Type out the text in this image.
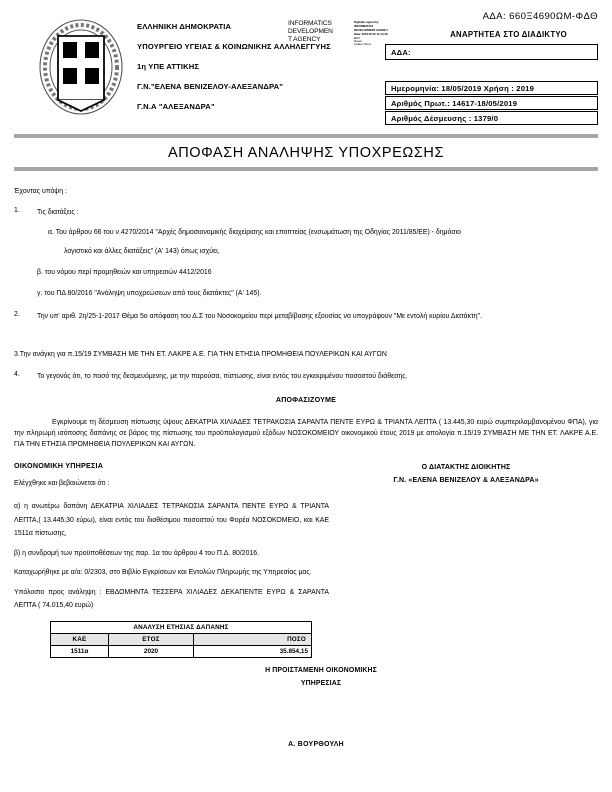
ΕΛΛΗΝΙΚΗ ΔΗΜΟΚΡΑΤΙΑ
ΥΠΟΥΡΓΕΙΟ ΥΓΕΙΑΣ & ΚΟΙΝΩΝΙΚΗΣ ΑΛΛΗΛΕΓΓΥΗΣ
1η ΥΠΕ ΑΤΤΙΚΗΣ
Γ.Ν."ΕΛΕΝΑ ΒΕΝΙΖΕΛΟΥ-ΑΛΕΞΑΝΔΡΑ"
Γ.Ν.Α "ΑΛΕΞΑΝΔΡΑ"
INFORMATICS
DEVELOPMEN
T AGENCY
Digitally signed by
INFORMATICS
DEVELOPMENT AGENCY
Date: 2019.05.20 12:14:18
EEST
Reason:
Location: Athens
ΑΔΑ: 660Ξ4690ΩΜ-ΦΔΘ
ΑΝΑΡΤΗΤΕΑ ΣΤΟ ΔΙΑΔΙΚΤΥΟ
ΑΔΑ:
Ημερομηνία: 18/05/2019 Χρήση : 2019
Αριθμός Πρωτ.: 14617-18/05/2019
Αριθμός Δέσμευσης : 1379/0
ΑΠΟΦΑΣΗ ΑΝΑΛΗΨΗΣ ΥΠΟΧΡΕΩΣΗΣ

Έχοντας υπόψη :

1.	Τις διατάξεις :

α. Του άρθρου 66 του ν.4270/2014 "Αρχές δημοσιονομικής διαχείρισης και εποπτείας (ενσωμάτωση της Οδηγίας 2011/85/ΕΕ) - δημόσιο

λογιστικό και άλλες διατάξεις" (Α' 143) όπως ισχύει,

β. του νόμου περί προμηθειών και υπηρεσιών 4412/2016

γ. του ΠΔ 80/2016 "Ανάληψη υποχρεώσεων από τους διατάκτες" (Α' 145).

2.	Την υπ' αριθ. 2η/25-1-2017 Θέμα 5ο απόφαση του Δ.Σ του Νοσοκομείου περί μεταβίβασης εξουσίας να υπογράφουν "Με εντολή κυρίου Διατάκτη".

3.Την ανάγκη για π.15/19 ΣΥΜΒΑΣΗ ΜΕ ΤΗΝ ΕΤ. ΛΑΚΡΕ Α.Ε. ΓΙΑ ΤΗΝ ΕΤΗΣΙΑ ΠΡΟΜΗΘΕΙΑ ΠΟΥΛΕΡΙΚΩΝ ΚΑΙ ΑΥΓΩΝ

4.	Το γεγονός ότι, το ποσό της δεσμευόμενης, με την παρούσα, πίστωσης, είναι εντός του εγκεκριμένου ποσοστού διάθεσης.

ΑΠΟΦΑΣΙΖΟΥΜΕ

Εγκρίνουμε τη δέσμευση πίστωσης ύψους ΔΕΚΑΤΡΙΑ ΧΙΛΙΑΔΕΣ ΤΕΤΡΑΚΟΣΙΑ ΣΑΡΑΝΤΑ ΠΕΝΤΕ ΕΥΡΩ & ΤΡΙΑΝΤΑ ΛΕΠΤΑ ( 13.445,30 ευρώ συμπεριλαμβανομένου ΦΠΑ), για την πληρωμή ισόποσης δαπάνης σε βάρος της πίστωσης του προϋπολογισμού εξόδων ΝΟΣΟΚΟΜΕΙΟΥ οικονομικού έτους 2019 με απολογία π.15/19 ΣΥΜΒΑΣΗ ΜΕ ΤΗΝ ΕΤ. ΛΑΚΡΕ Α.Ε. ΓΙΑ ΤΗΝ ΕΤΗΣΙΑ ΠΡΟΜΗΘΕΙΑ ΠΟΥΛΕΡΙΚΩΝ ΚΑΙ ΑΥΓΩΝ.

Ο ΔΙΑΤΑΚΤΗΣ ΔΙΟΙΚΗΤΗΣ
Γ.Ν. «ΕΛΕΝΑ ΒΕΝΙΖΕΛΟΥ & ΑΛΕΞΑΝΔΡΑ»

ΟΙΚΟΝΟΜΙΚΗ ΥΠΗΡΕΣΙΑ

Ελέγχθηκε και βεβαιώνεται ότι :

α) η ανωτέρω δαπάνη ΔΕΚΑΤΡΙΑ ΧΙΛΙΑΔΕΣ ΤΕΤΡΑΚΟΣΙΑ ΣΑΡΑΝΤΑ ΠΕΝΤΕ ΕΥΡΩ & ΤΡΙΑΝΤΑ ΛΕΠΤΑ,( 13.445,30 εύρω), είναι εντός του διαθέσιμου ποσοστού του Φορέα ΝΟΣΟΚΟΜΕΙΟ, και ΚΑΕ 1511α πίστωσης,

β) η συνδρομή των προϋποθέσεων της παρ. 1α του άρθρου 4 του Π.Δ. 80/2016.

Καταχωρήθηκε με α/α: 0/2303, στο Βιβλίο Εγκρίσεων και Εντολών Πληρωμής της Υπηρεσίας μας.

Υπόλοιπο προς ανάληψη : ΕΒΔΟΜΗΝΤΑ ΤΕΣΣΕΡΑ ΧΙΛΙΑΔΕΣ ΔΕΚΑΠΕΝΤΕ ΕΥΡΩ & ΣΑΡΑΝΤΑ ΛΕΠΤΑ ( 74.015,40 ευρώ)

ΑΝΑΛΥΣΗ ΕΤΗΣΙΑΣ ΔΑΠΑΝΗΣ		
ΚΑΕ	ΕΤΟΣ	ΠΟΣΟ
1511α	2020	35.854,15
Η ΠΡΟΙΣΤΑΜΕΝΗ ΟΙΚΟΝΟΜΙΚΗΣ
ΥΠΗΡΕΣΙΑΣ
Α. ΒΟΥΡΘΟΥΛΗ
